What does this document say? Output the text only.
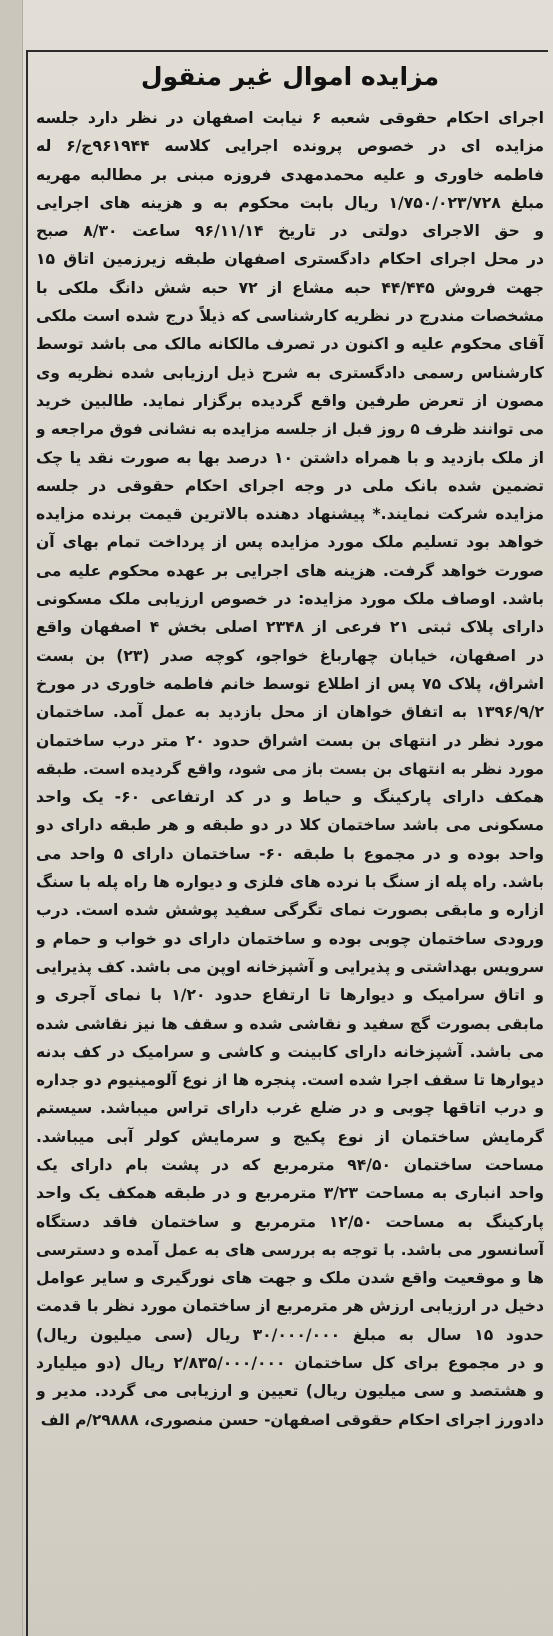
مزایده اموال غیر منقول
اجرای احکام حقوقی شعبه ۶ نیابت اصفهان در نظر دارد جلسه
مزایده ای در خصوص پرونده اجرایی کلاسه ۹۶۱۹۴۴ج/۶ له
فاطمه خاوری و علیه محمدمهدی فروزه مبنی بر مطالبه مهریه
مبلغ ۱/۷۵۰/۰۲۳/۷۲۸ ریال بابت محکوم به و هزینه های اجرایی
و حق الاجرای دولتی در تاریخ ۹۶/۱۱/۱۴ ساعت ۸/۳۰ صبح
در محل اجرای احکام دادگستری اصفهان طبقه زیرزمین اتاق ۱۵
جهت فروش ۴۴/۴۴۵ حبه مشاع از ۷۲ حبه شش دانگ ملکی با
مشخصات مندرج در نظریه کارشناسی که ذیلاً درج شده است ملکی
آقای محکوم علیه و اکنون در تصرف مالکانه مالک می باشد توسط
کارشناس رسمی دادگستری به شرح ذیل ارزیابی شده نظریه وی
مصون از تعرض طرفین واقع گردیده برگزار نماید. طالبین خرید
می توانند ظرف ۵ روز قبل از جلسه مزایده به نشانی فوق مراجعه و
از ملک بازدید و با همراه داشتن ۱۰ درصد بها به صورت نقد یا چک
تضمین شده بانک ملی در وجه اجرای احکام حقوقی در جلسه
مزایده شرکت نمایند.* پیشنهاد دهنده بالاترین قیمت برنده مزایده
خواهد بود تسلیم ملک مورد مزایده پس از پرداخت تمام بهای آن
صورت خواهد گرفت. هزینه های اجرایی بر عهده محکوم علیه می
باشد. اوصاف ملک مورد مزایده: در خصوص ارزیابی ملک مسکونی
دارای پلاک ثبتی ۲۱ فرعی از ۲۳۴۸ اصلی بخش ۴ اصفهان واقع
در اصفهان، خیابان چهارباغ خواجو، کوچه صدر (۲۳) بن بست
اشراق، پلاک ۷۵ پس از اطلاع توسط خانم فاطمه خاوری در مورخ
۱۳۹۶/۹/۲ به اتفاق خواهان از محل بازدید به عمل آمد. ساختمان
مورد نظر در انتهای بن بست اشراق حدود ۲۰ متر درب ساختمان
مورد نظر به انتهای بن بست باز می شود، واقع گردیده است. طبقه
همکف دارای پارکینگ و حیاط و در کد ارتفاعی ۶۰- یک واحد
مسکونی می باشد ساختمان کلا در دو طبقه و هر طبقه دارای دو
واحد بوده و در مجموع با طبقه ۶۰- ساختمان دارای ۵ واحد می
باشد. راه پله از سنگ با نرده های فلزی و دیواره ها راه پله با سنگ
ازاره و مابقی بصورت نمای تگرگی سفید پوشش شده است. درب
ورودی ساختمان چوبی بوده و ساختمان دارای دو خواب و حمام و
سرویس بهداشتی و پذیرایی و آشپزخانه اوپن می باشد. کف پذیرایی
و اتاق سرامیک و دیوارها تا ارتفاع حدود ۱/۲۰ با نمای آجری و
مابقی بصورت گچ سفید و نقاشی شده و سقف ها نیز نقاشی شده
می باشد. آشپزخانه دارای کابینت و کاشی و سرامیک در کف بدنه
دیوارها تا سقف اجرا شده است. پنجره ها از نوع آلومینیوم دو جداره
و درب اتاقها چوبی و در ضلع غرب دارای تراس میباشد. سیستم
گرمایش ساختمان از نوع پکیج و سرمایش کولر آبی میباشد.
مساحت ساختمان ۹۴/۵۰ مترمربع که در پشت بام دارای یک
واحد انباری به مساحت ۳/۲۳ مترمربع و در طبقه همکف یک واحد
پارکینگ به مساحت ۱۲/۵۰ مترمربع و ساختمان فاقد دستگاه
آسانسور می باشد. با توجه به بررسی های به عمل آمده و دسترسی
ها و موقعیت واقع شدن ملک و جهت های نورگیری و سایر عوامل
دخیل در ارزیابی ارزش هر مترمربع از ساختمان مورد نظر با قدمت
حدود ۱۵ سال به مبلغ ۳۰/۰۰۰/۰۰۰ ریال (سی میلیون ریال)
و در مجموع برای کل ساختمان ۲/۸۳۵/۰۰۰/۰۰۰ ریال (دو میلیارد
و هشتصد و سی میلیون ریال) تعیین و ارزیابی می گردد. مدیر و
دادورز اجرای احکام حقوقی اصفهان- حسن منصوری، ۲۹۸۸۸/م الف
